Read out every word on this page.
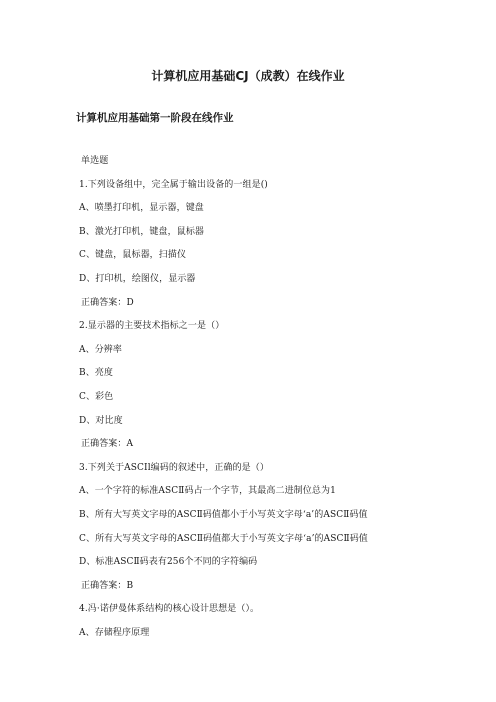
计算机应用基础CJ（成教）在线作业
计算机应用基础第一阶段在线作业
单选题
1.下列设备组中，完全属于输出设备的一组是()
A、喷墨打印机，显示器，键盘
B、激光打印机，键盘，鼠标器
C、键盘，鼠标器，扫描仪
D、打印机，绘图仪，显示器
正确答案：D
2.显示器的主要技术指标之一是（）
A、分辨率
B、亮度
C、彩色
D、对比度
正确答案：A
3.下列关于ASCIl编码的叙述中，正确的是（）
A、一个字符的标准ASCⅡ码占一个字节，其最高二进制位总为1
B、所有大写英文字母的ASCⅡ码值都小于小写英文字母‘a’的ASCⅡ码值
C、所有大写英文字母的ASCⅡ码值都大于小写英文字母‘a’的ASCⅡ码值
D、标准ASCⅡ码表有256个不同的字符编码
正确答案：B
4.冯·诺伊曼体系结构的核心设计思想是（）。
A、存储程序原理
